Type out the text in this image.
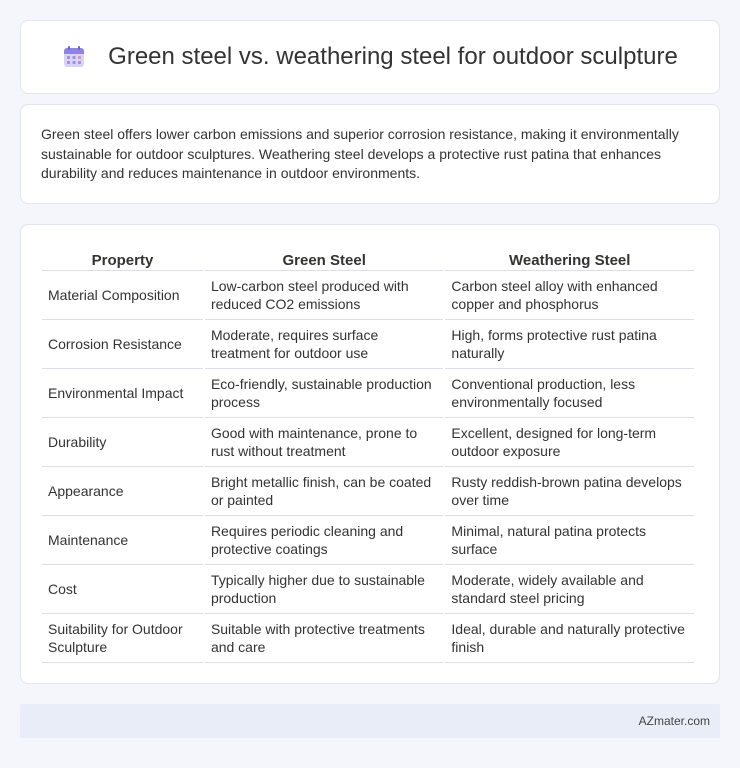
Green steel vs. weathering steel for outdoor sculpture

Green steel offers lower carbon emissions and superior corrosion resistance, making it environmentally sustainable for outdoor sculptures. Weathering steel develops a protective rust patina that enhances durability and reduces maintenance in outdoor environments.

Property	Green Steel	Weathering Steel
Material Composition	Low-carbon steel produced with reduced CO2 emissions	Carbon steel alloy with enhanced copper and phosphorus
Corrosion Resistance	Moderate, requires surface treatment for outdoor use	High, forms protective rust patina naturally
Environmental Impact	Eco-friendly, sustainable production process	Conventional production, less environmentally focused
Durability	Good with maintenance, prone to rust without treatment	Excellent, designed for long-term outdoor exposure
Appearance	Bright metallic finish, can be coated or painted	Rusty reddish-brown patina develops over time
Maintenance	Requires periodic cleaning and protective coatings	Minimal, natural patina protects surface
Cost	Typically higher due to sustainable production	Moderate, widely available and standard steel pricing
Suitability for Outdoor Sculpture	Suitable with protective treatments and care	Ideal, durable and naturally protective finish
AZmater.com
